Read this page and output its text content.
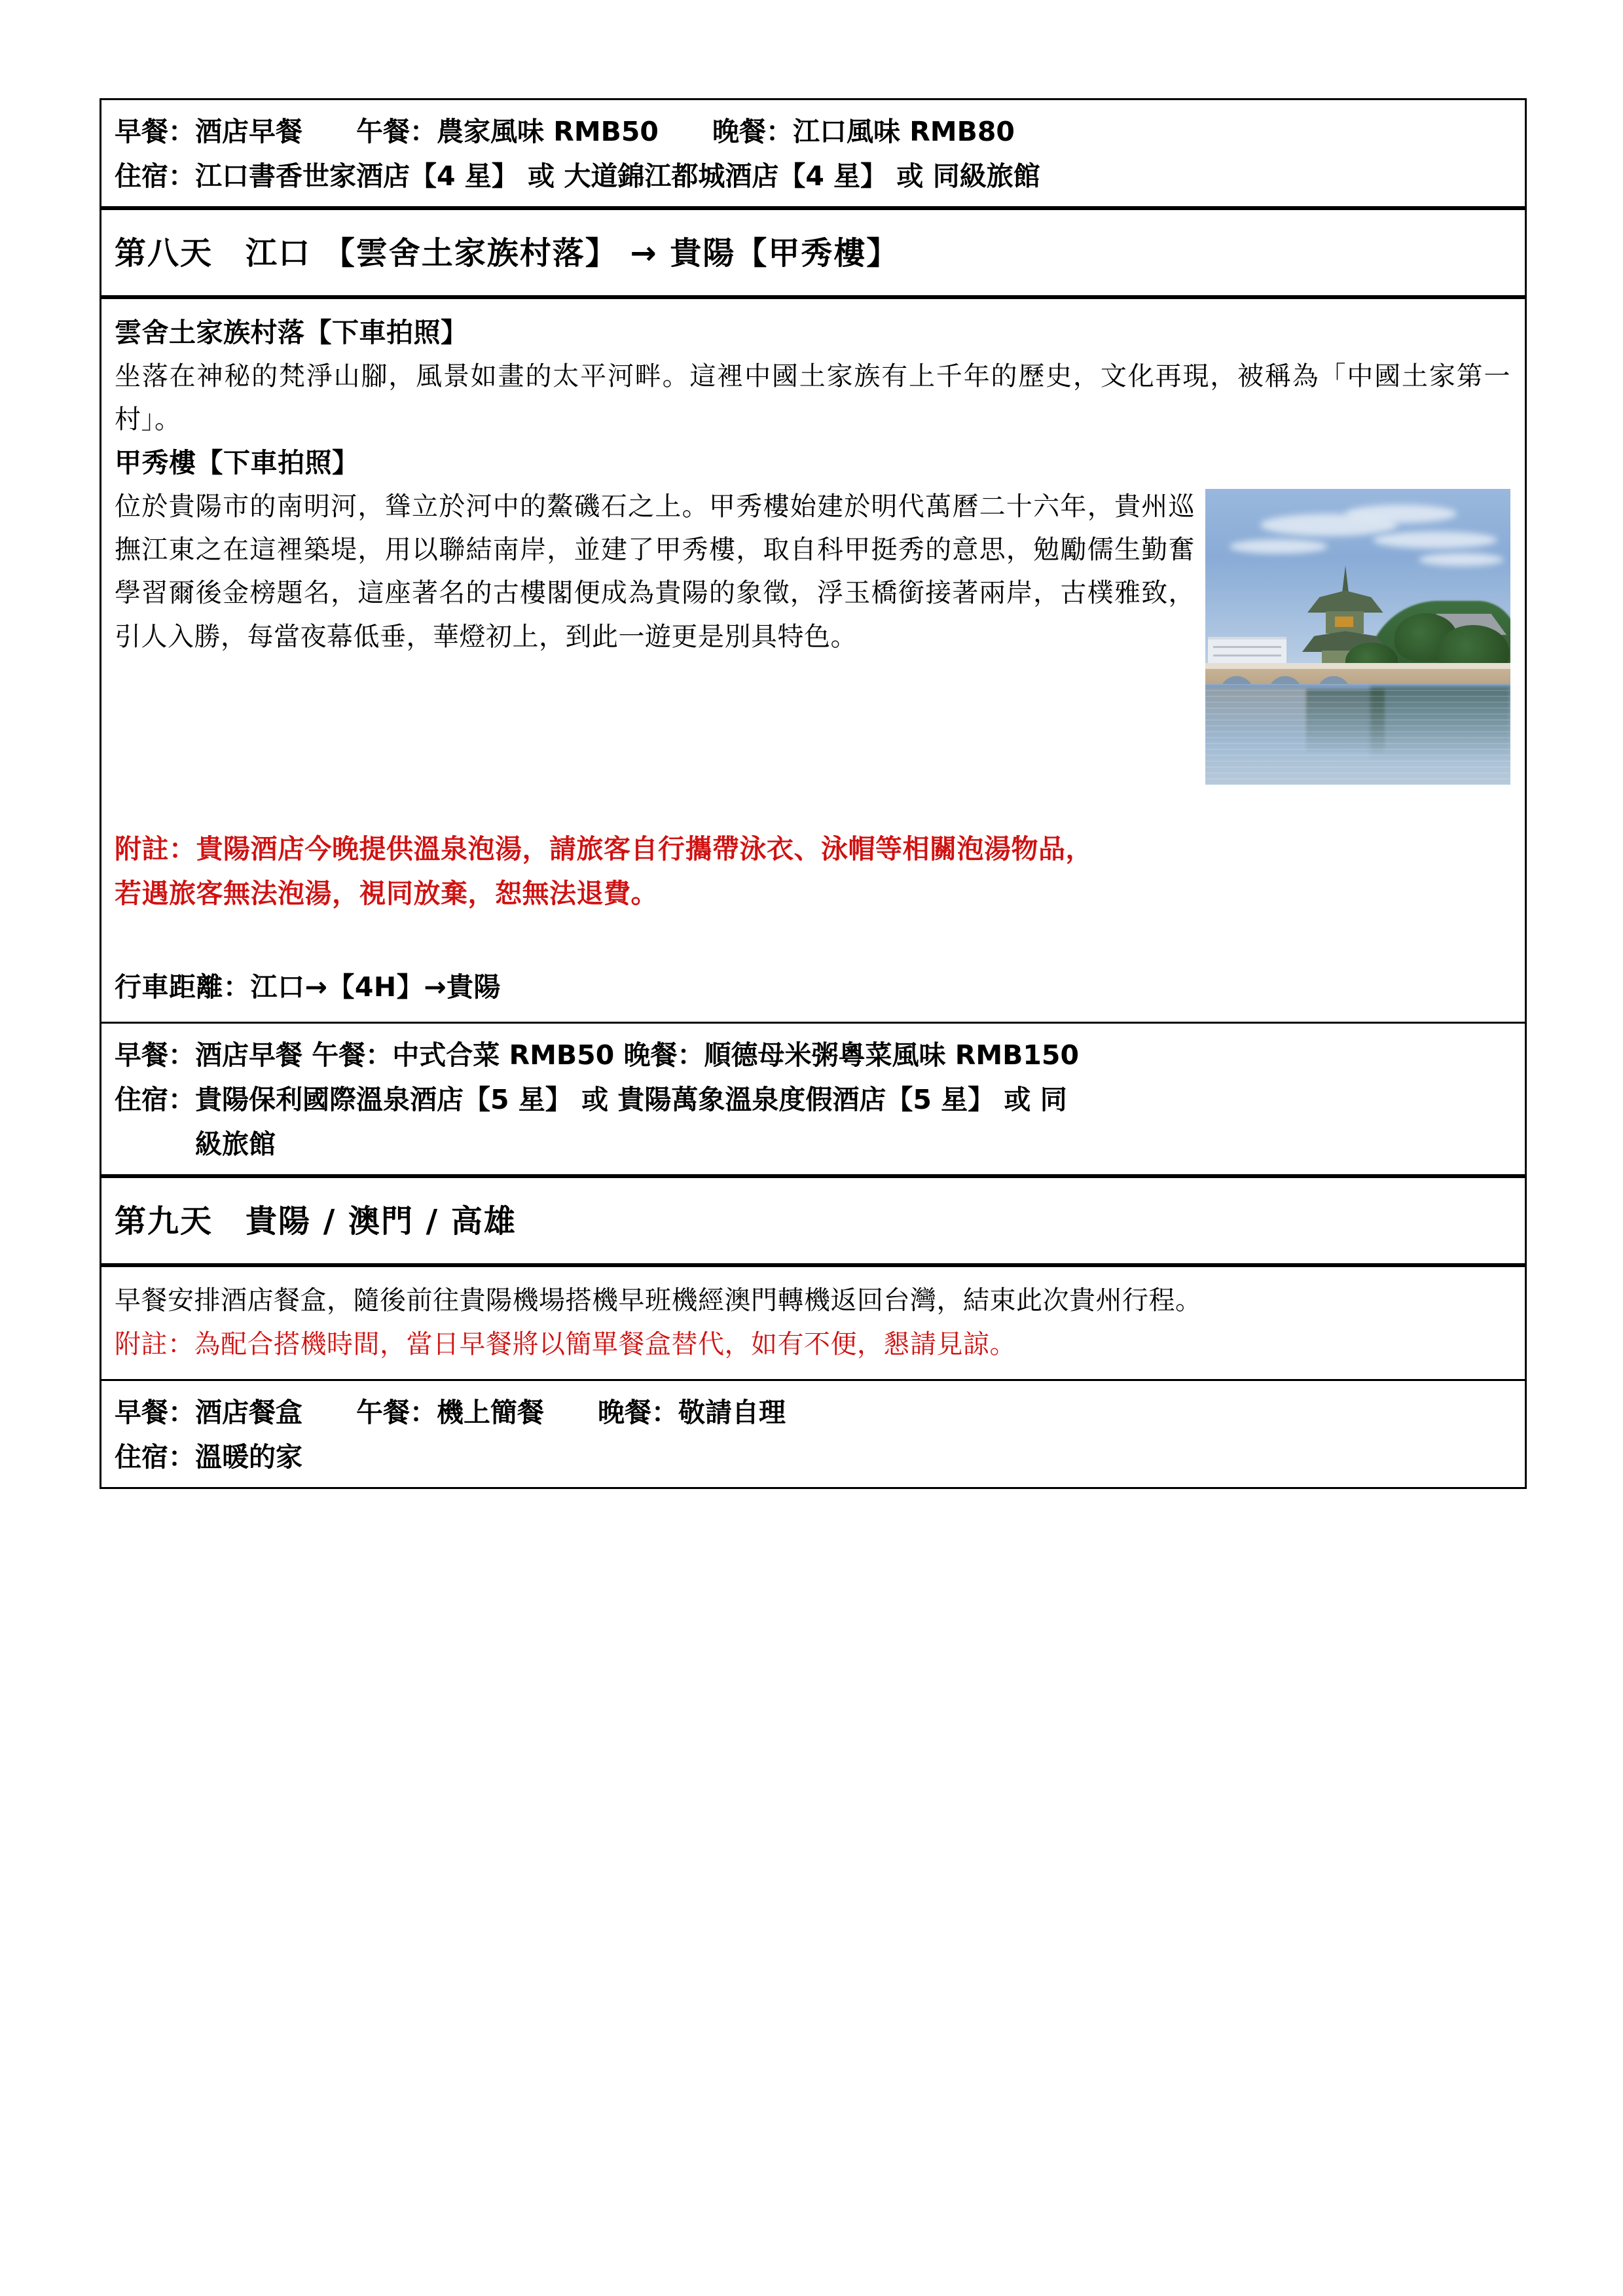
早餐：酒店早餐　　午餐：農家風味 RMB50　　晚餐：江口風味 RMB80
住宿：江口書香世家酒店【4 星】 或 大道錦江都城酒店【4 星】 或 同級旅館

第八天　江口 【雲舍土家族村落】 → 貴陽【甲秀樓】

雲舍土家族村落【下車拍照】
坐落在神秘的梵淨山腳，風景如畫的太平河畔。這裡中國土家族有上千年的歷史，文化再現，被稱為「中國土家第一村」。
甲秀樓【下車拍照】
位於貴陽市的南明河，聳立於河中的鰲磯石之上。甲秀樓始建於明代萬曆二十六年，貴州巡撫江東之在這裡築堤，用以聯結南岸，並建了甲秀樓，取自科甲挺秀的意思，勉勵儒生勤奮學習爾後金榜題名，這座著名的古樓閣便成為貴陽的象徵，浮玉橋銜接著兩岸，古樸雅致，引人入勝，每當夜幕低垂，華燈初上，到此一遊更是別具特色。
附註：貴陽酒店今晚提供溫泉泡湯，請旅客自行攜帶泳衣、泳帽等相關泡湯物品，
若遇旅客無法泡湯，視同放棄，恕無法退費。
行車距離：江口→【4H】→貴陽

早餐：酒店早餐 午餐：中式合菜 RMB50 晚餐：順德母米粥粵菜風味 RMB150
住宿：貴陽保利國際溫泉酒店【5 星】 或 貴陽萬象溫泉度假酒店【5 星】 或 同
級旅館

第九天　貴陽 / 澳門 / 高雄

早餐安排酒店餐盒，隨後前往貴陽機場搭機早班機經澳門轉機返回台灣，結束此次貴州行程。
附註：為配合搭機時間，當日早餐將以簡單餐盒替代，如有不便，懇請見諒。

早餐：酒店餐盒　　午餐：機上簡餐　　晚餐：敬請自理
住宿：溫暖的家
